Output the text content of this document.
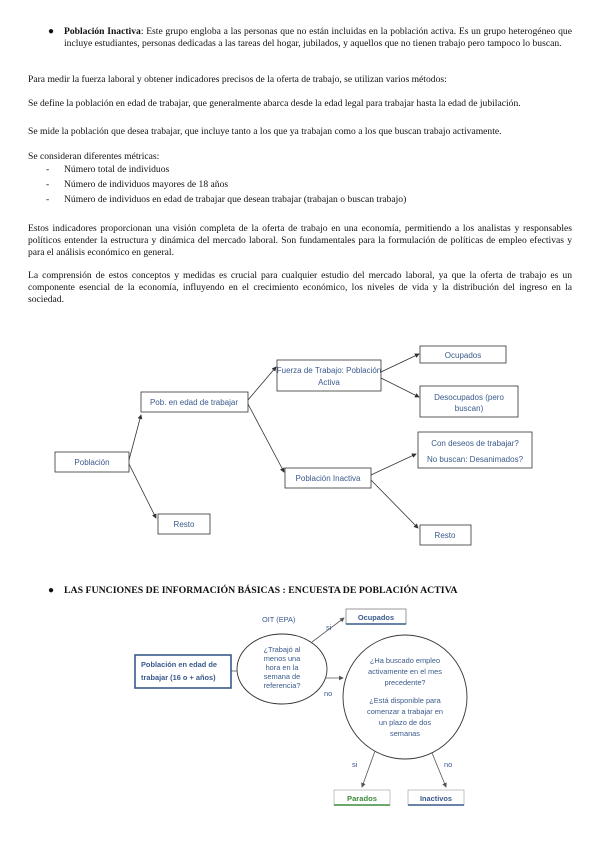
● Población Inactiva: Este grupo engloba a las personas que no están incluidas en la población activa. Es un grupo heterogéneo que incluye estudiantes, personas dedicadas a las tareas del hogar, jubilados, y aquellos que no tienen trabajo pero tampoco lo buscan.

Para medir la fuerza laboral y obtener indicadores precisos de la oferta de trabajo, se utilizan varios métodos:

Se define la población en edad de trabajar, que generalmente abarca desde la edad legal para trabajar hasta la edad de jubilación.

Se mide la población que desea trabajar, que incluye tanto a los que ya trabajan como a los que buscan trabajo activamente.

Se consideran diferentes métricas:

- Número total de individuos

- Número de individuos mayores de 18 años

- Número de individuos en edad de trabajar que desean trabajar (trabajan o buscan trabajo)

Estos indicadores proporcionan una visión completa de la oferta de trabajo en una economía, permitiendo a los analistas y responsables políticos entender la estructura y dinámica del mercado laboral. Son fundamentales para la formulación de políticas de empleo efectivas y para el análisis económico en general.

La comprensión de estos conceptos y medidas es crucial para cualquier estudio del mercado laboral, ya que la oferta de trabajo es un componente esencial de la economía, influyendo en el crecimiento económico, los niveles de vida y la distribución del ingreso en la sociedad.

Población
Pob. en edad de trabajar
Resto
Fuerza de Trabajo: Población
Activa
Población Inactiva
Ocupados
Desocupados (pero
buscan)
Con deseos de trabajar?
No buscan: Desanimados?
Resto
● LAS FUNCIONES DE INFORMACIÓN BÁSICAS : ENCUESTA DE POBLACIÓN ACTIVA

Población en edad de
trabajar (16 o + años)
¿Trabajó al
menos una
hora en la
semana de
referencia?
OIT (EPA)	Ocupados
¿Ha buscado empleo
activamente en el mes
precedente?
¿Está disponible para
comenzar a trabajar en
un plazo de dos
semanas
si
no
si	no
Parados	Inactivos
